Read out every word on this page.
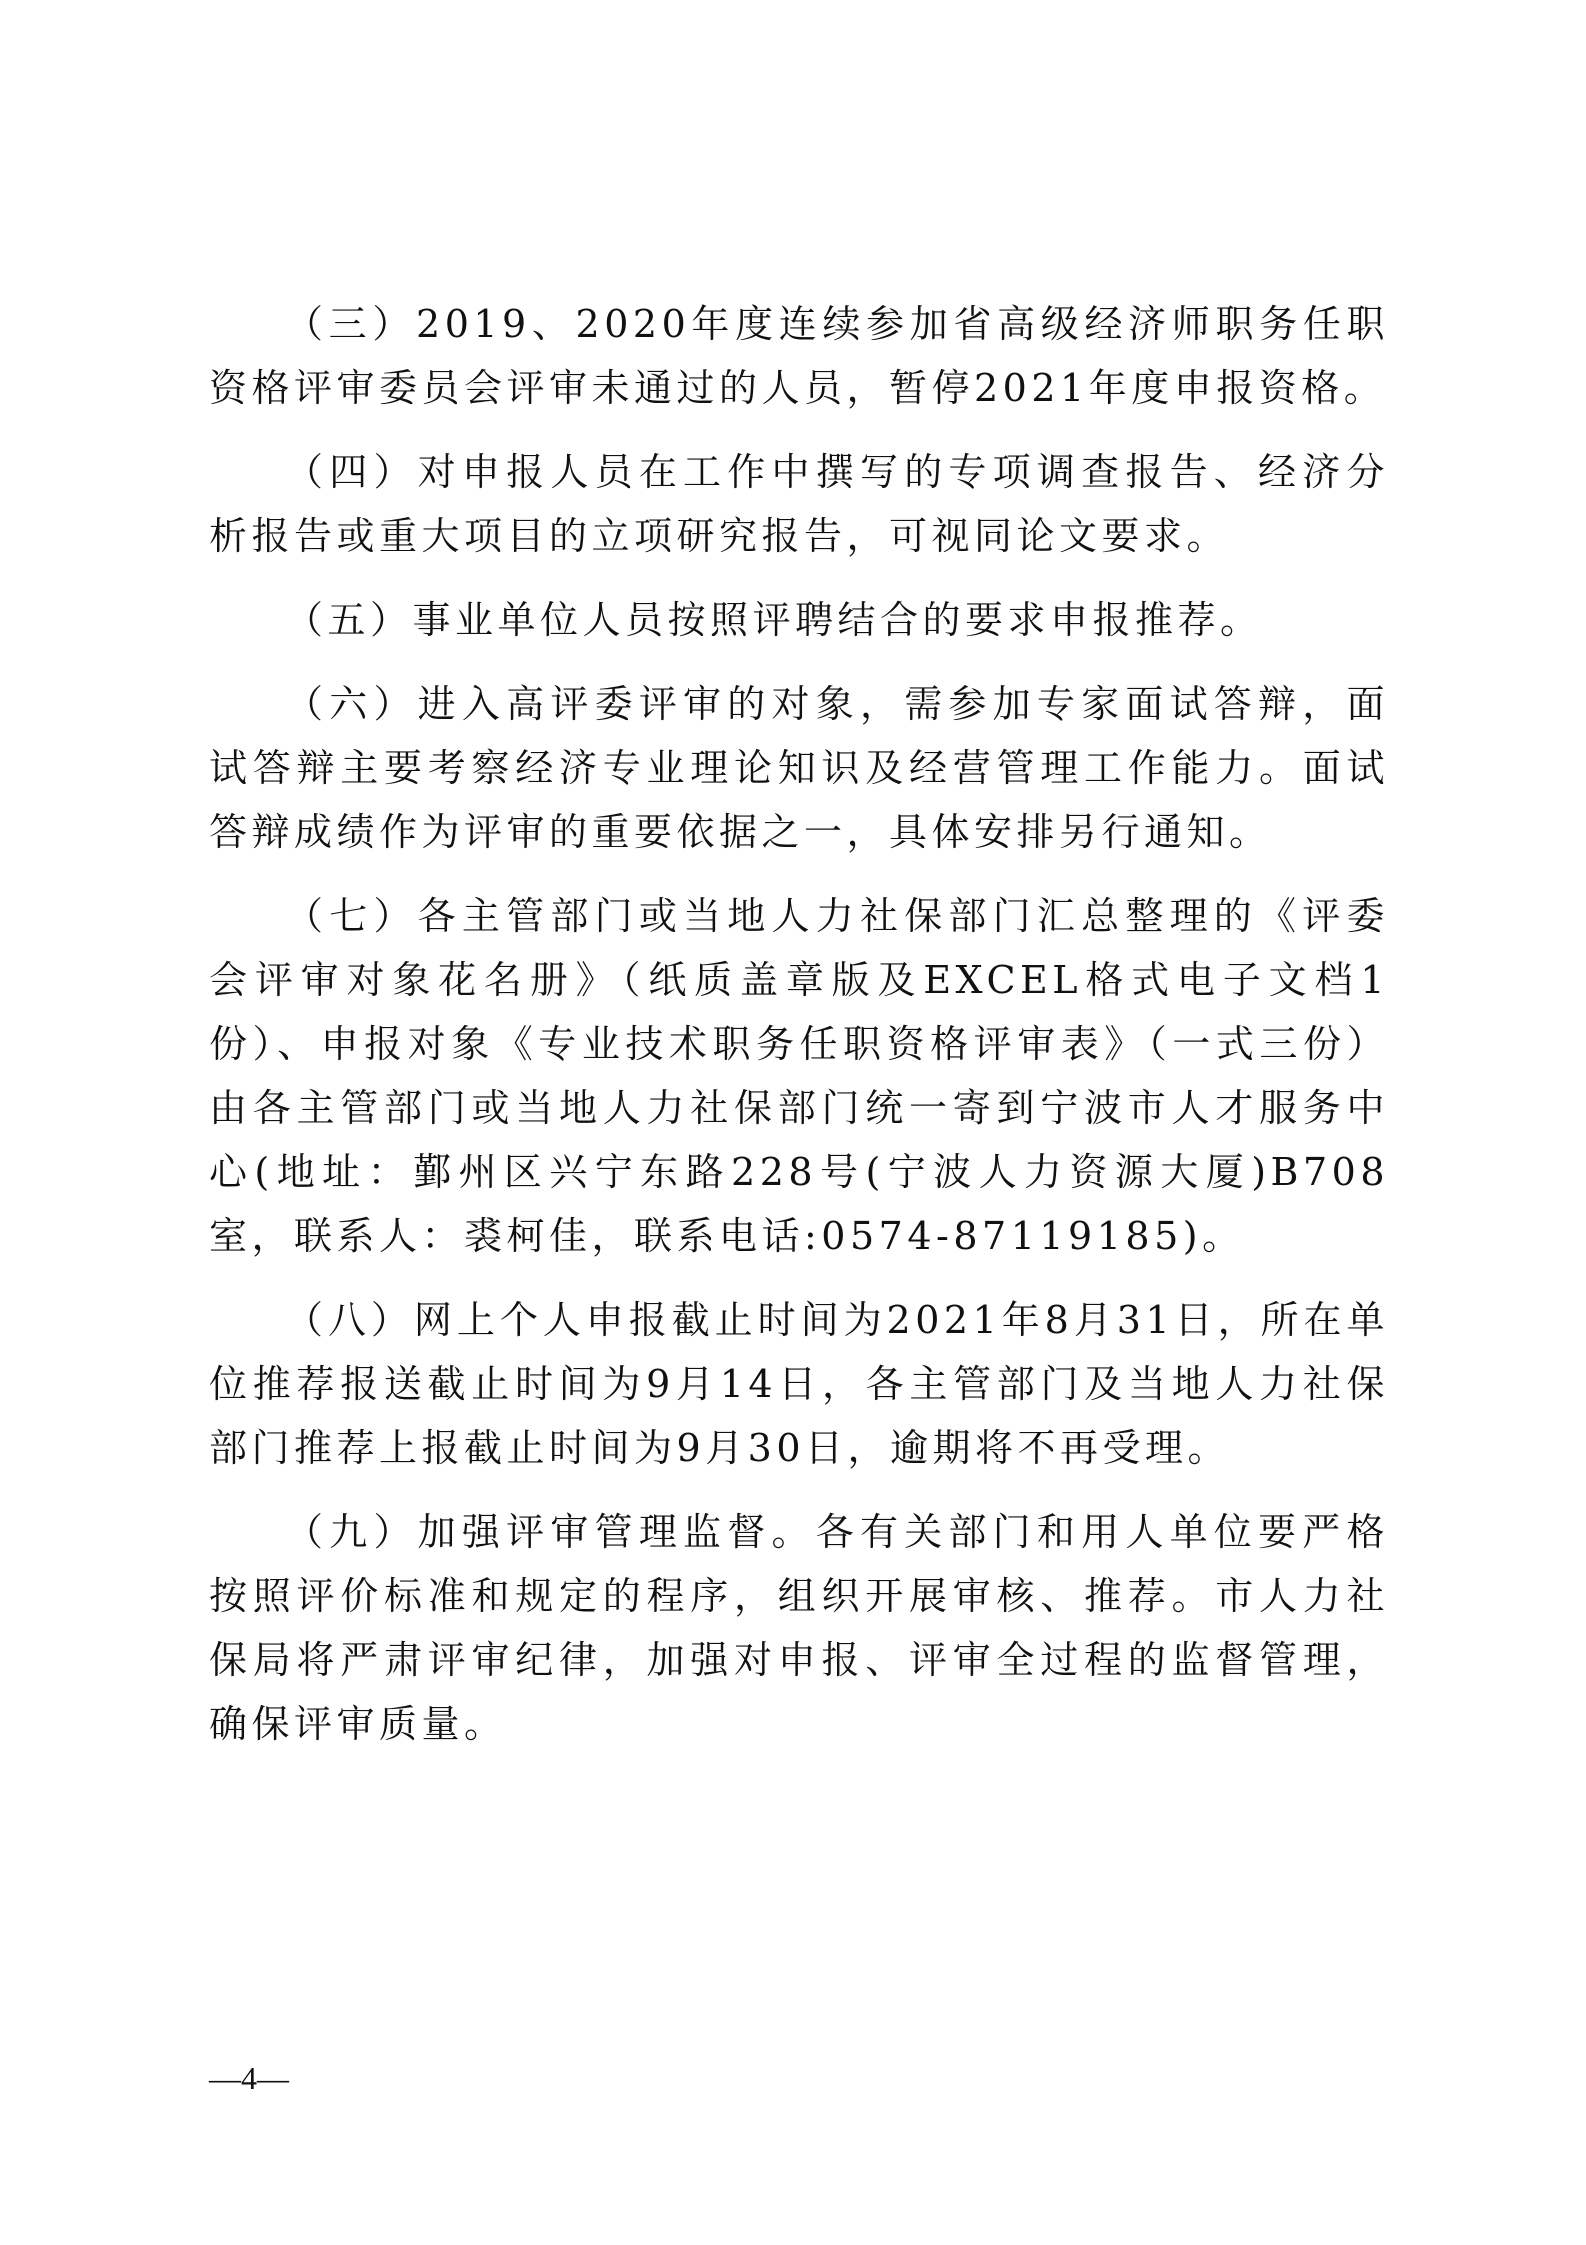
（三）2019、2020年度连续参加省高级经济师职务任职资格评审委员会评审未通过的人员，暂停2021年度申报资格。

（四）对申报人员在工作中撰写的专项调查报告、经济分析报告或重大项目的立项研究报告，可视同论文要求。

（五）事业单位人员按照评聘结合的要求申报推荐。

（六）进入高评委评审的对象，需参加专家面试答辩，面试答辩主要考察经济专业理论知识及经营管理工作能力。面试答辩成绩作为评审的重要依据之一，具体安排另行通知。

（七）各主管部门或当地人力社保部门汇总整理的《评委会评审对象花名册》（纸质盖章版及EXCEL格式电子文档1份）、申报对象《专业技术职务任职资格评审表》（一式三份）由各主管部门或当地人力社保部门统一寄到宁波市人才服务中心(地址：鄞州区兴宁东路228号(宁波人力资源大厦)B708室，联系人：裘柯佳，联系电话:0574-87119185)。

（八）网上个人申报截止时间为2021年8月31日，所在单位推荐报送截止时间为9月14日，各主管部门及当地人力社保部门推荐上报截止时间为9月30日，逾期将不再受理。

（九）加强评审管理监督。各有关部门和用人单位要严格按照评价标准和规定的程序，组织开展审核、推荐。市人力社保局将严肃评审纪律，加强对申报、评审全过程的监督管理，确保评审质量。

—4—
